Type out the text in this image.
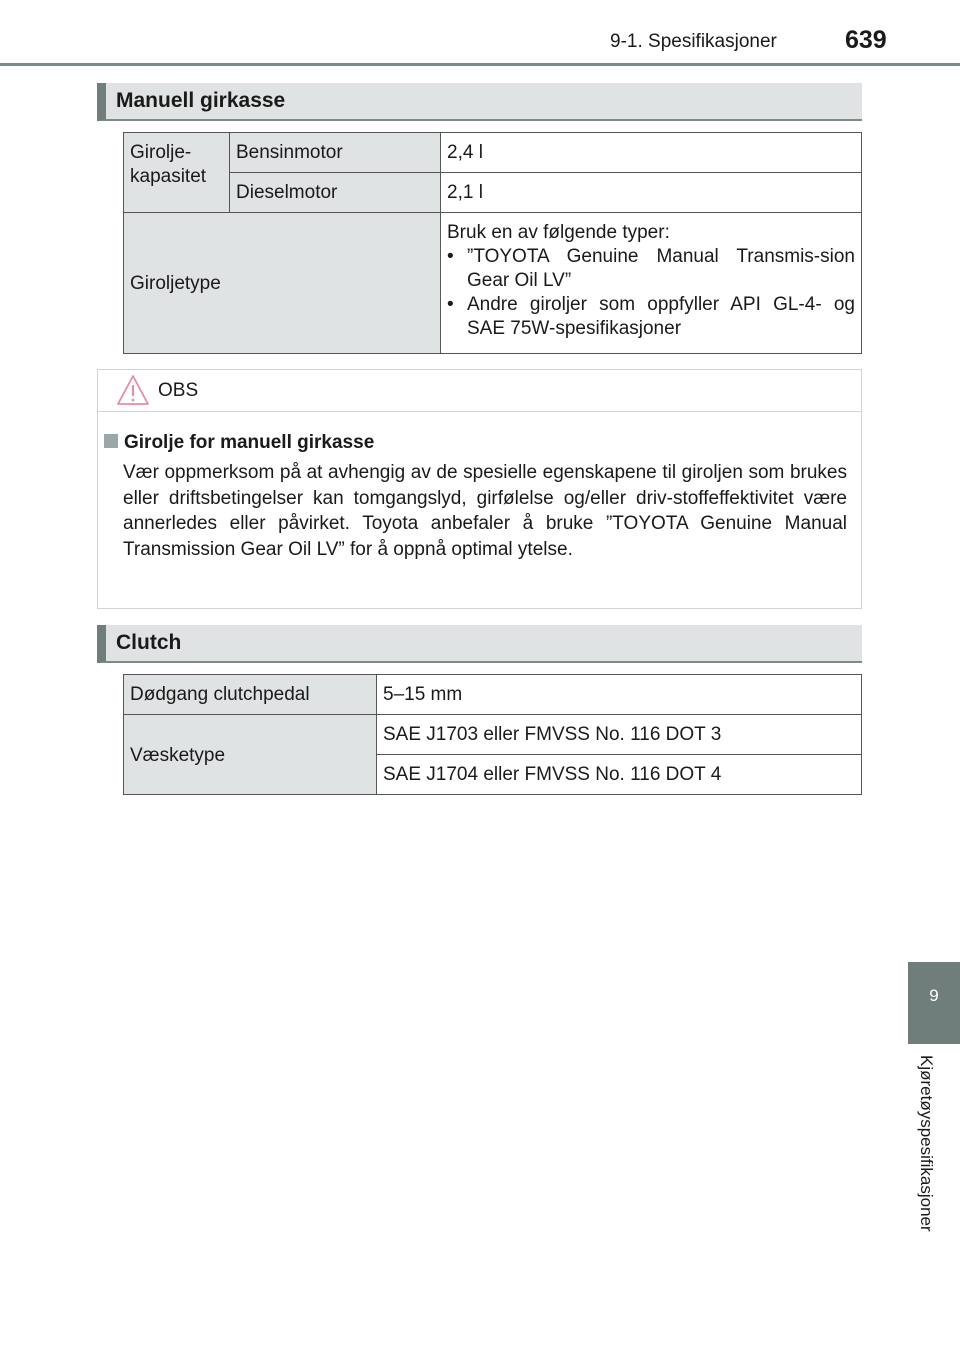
9-1. Spesifikasjoner	639
9
Kjøretøyspesifikasjoner
Manuell girkasse
Girolje-kapasitet	Bensinmotor	2,4 l
	Dieselmotor	2,1 l
Giroljetype		Bruk en av følgende typer:
• ”TOYOTA Genuine Manual Transmis-sion Gear Oil LV”
• Andre giroljer som oppfyller API GL-4- og SAE 75W-spesifikasjoner
OBS
Girolje for manuell girkasse
Vær oppmerksom på at avhengig av de spesielle egenskapene til giroljen som brukes eller driftsbetingelser kan tomgangslyd, girfølelse og/eller driv-stoffeffektivitet være annerledes eller påvirket. Toyota anbefaler å bruke ”TOYOTA Genuine Manual Transmission Gear Oil LV” for å oppnå optimal ytelse.
Clutch
Dødgang clutchpedal	5–15 mm
Væsketype	SAE J1703 eller FMVSS No. 116 DOT 3
	SAE J1704 eller FMVSS No. 116 DOT 4
